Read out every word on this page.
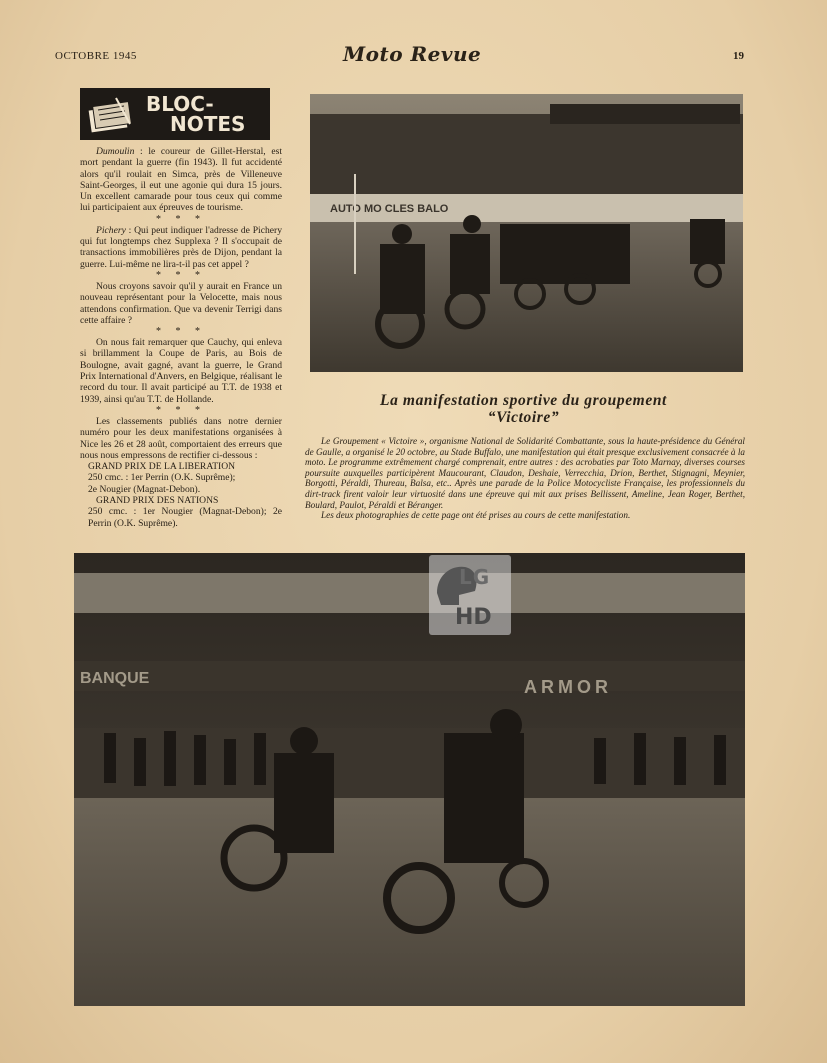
OCTOBRE 1945	Moto Revue	19
BLOC-
NOTES

Dumoulin : le coureur de Gillet-Herstal, est mort pendant la guerre (fin 1943). Il fut accidenté alors qu'il roulait en Simca, près de Villeneuve Saint-Georges, il eut une agonie qui dura 15 jours. Un excellent camarade pour tous ceux qui comme lui participaient aux épreuves de tourisme.

* * *

Pichery : Qui peut indiquer l'adresse de Pichery qui fut longtemps chez Supplexa ? Il s'occupait de transactions immobilières près de Dijon, pendant la guerre. Lui-même ne lira-t-il pas cet appel ?

* * *

Nous croyons savoir qu'il y aurait en France un nouveau représentant pour la Velocette, mais nous attendons confirmation. Que va devenir Terrigi dans cette affaire ?

* * *

On nous fait remarquer que Cauchy, qui enleva si brillamment la Coupe de Paris, au Bois de Boulogne, avait gagné, avant la guerre, le Grand Prix International d'Anvers, en Belgique, réalisant le record du tour. Il avait participé au T.T. de 1938 et 1939, ainsi qu'au T.T. de Hollande.

* * *

Les classements publiés dans notre dernier numéro pour les deux manifestations organisées à Nice les 26 et 28 août, comportaient des erreurs que nous nous empressons de rectifier ci-dessous :

GRAND PRIX DE LA LIBERATION

250 cmc. : 1er Perrin (O.K. Suprême);

2e Nougier (Magnat-Debon).

GRAND PRIX DES NATIONS

250 cmc. : 1er Nougier (Magnat-Debon); 2e Perrin (O.K. Suprême).

AUTO MO CLES BALO
La manifestation sportive du groupement
“Victoire”

Le Groupement « Victoire », organisme National de Solidarité Combattante, sous la haute-présidence du Général de Gaulle, a organisé le 20 octobre, au Stade Buffalo, une manifestation qui était presque exclusivement consacrée à la moto. Le programme extrêmement chargé comprenait, entre autres : des acrobaties par Toto Marnay, diverses courses poursuite auxquelles participèrent Maucourant, Claudon, Deshaie, Verrecchia, Drion, Berthet, Stignagni, Meynier, Borgotti, Péraldi, Thureau, Balsa, etc.. Après une parade de la Police Motocycliste Française, les professionnels du dirt-track firent valoir leur virtuosité dans une épreuve qui mit aux prises Bellissent, Ameline, Jean Roger, Berthet, Boulard, Paulot, Péraldi et Béranger.

Les deux photographies de cette page ont été prises au cours de cette manifestation.

BANQUE	ARMOR
LG
HD
